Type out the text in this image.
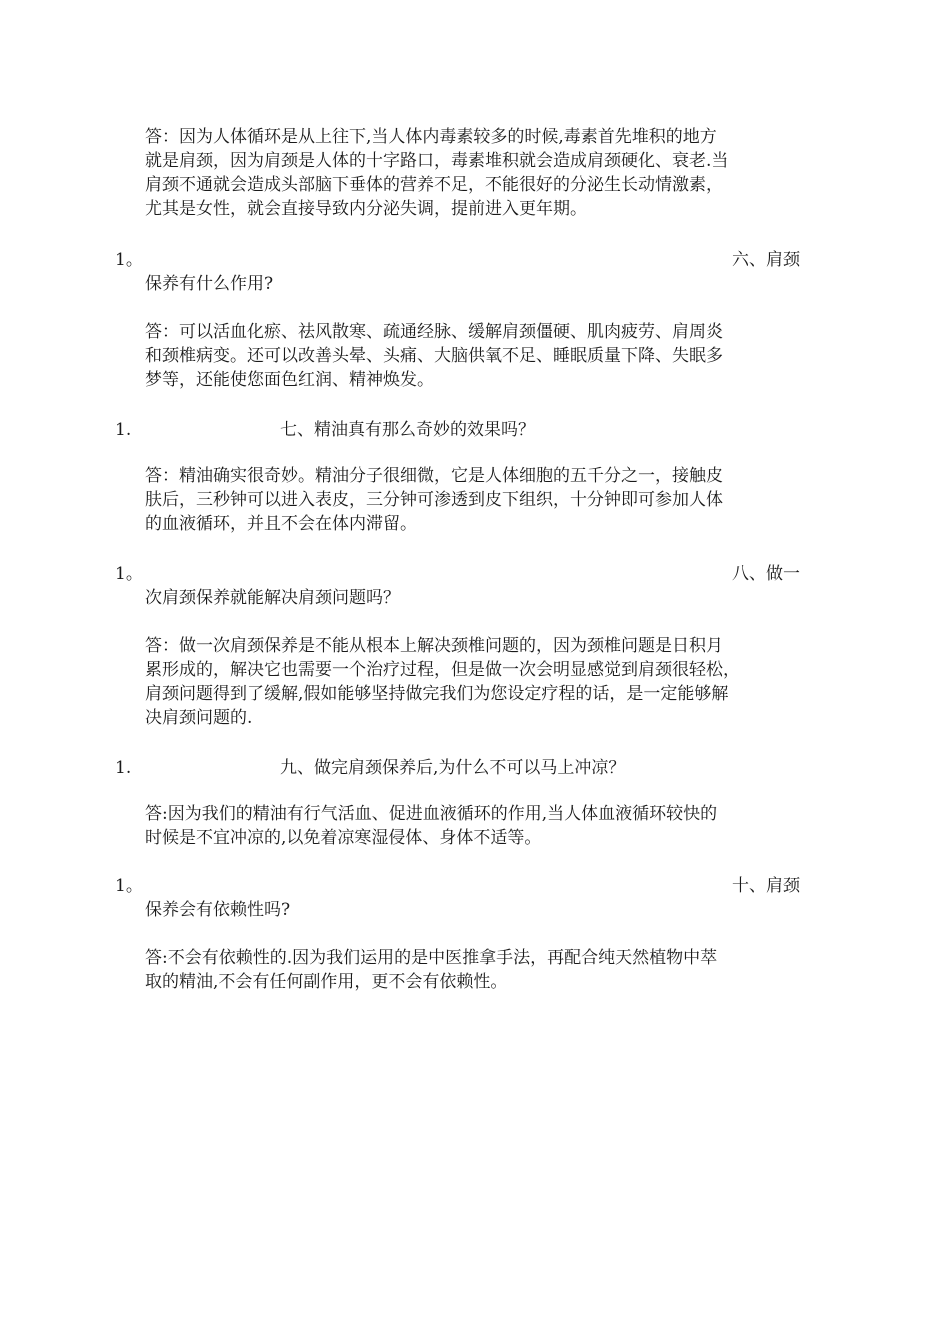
答：因为人体循环是从上往下,当人体内毒素较多的时候,毒素首先堆积的地方
就是肩颈，因为肩颈是人体的十字路口，毒素堆积就会造成肩颈硬化、衰老.当
肩颈不通就会造成头部脑下垂体的营养不足，不能很好的分泌生长动情激素，
尤其是女性，就会直接导致内分泌失调，提前进入更年期。
1。	六、肩颈
保养有什么作用?
答：可以活血化瘀、祛风散寒、疏通经脉、缓解肩颈僵硬、肌肉疲劳、肩周炎
和颈椎病变。还可以改善头晕、头痛、大脑供氧不足、睡眠质量下降、失眠多
梦等，还能使您面色红润、精神焕发。
1.	七、精油真有那么奇妙的效果吗？
答：精油确实很奇妙。精油分子很细微，它是人体细胞的五千分之一，接触皮
肤后，三秒钟可以进入表皮，三分钟可渗透到皮下组织，十分钟即可参加人体
的血液循环，并且不会在体内滞留。
1。	八、做一
次肩颈保养就能解决肩颈问题吗？
答：做一次肩颈保养是不能从根本上解决颈椎问题的，因为颈椎问题是日积月
累形成的，解决它也需要一个治疗过程，但是做一次会明显感觉到肩颈很轻松，
肩颈问题得到了缓解,假如能够坚持做完我们为您设定疗程的话，是一定能够解
决肩颈问题的.
1.	九、做完肩颈保养后,为什么不可以马上冲凉？
答:因为我们的精油有行气活血、促进血液循环的作用,当人体血液循环较快的
时候是不宜冲凉的,以免着凉寒湿侵体、身体不适等。
1。	十、肩颈
保养会有依赖性吗?
答:不会有依赖性的.因为我们运用的是中医推拿手法，再配合纯天然植物中萃
取的精油,不会有任何副作用，更不会有依赖性。
